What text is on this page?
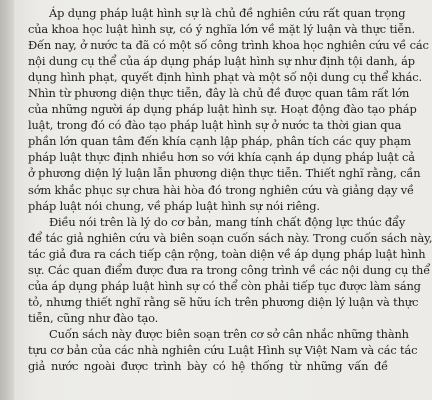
Áp dụng pháp luật hình sự là chủ đề nghiên cứu rất quan trọng
của khoa học luật hình sự, có ý nghĩa lớn về mặt lý luận và thực tiễn.
Đến nay, ở nước ta đã có một số công trình khoa học nghiên cứu về các
nội dung cụ thể của áp dụng pháp luật hình sự như định tội danh, áp
dụng hình phạt, quyết định hình phạt và một số nội dung cụ thể khác.
Nhìn từ phương diện thực tiễn, đây là chủ đề được quan tâm rất lớn
của những người áp dụng pháp luật hình sự. Hoạt động đào tạo pháp
luật, trong đó có đào tạo pháp luật hình sự ở nước ta thời gian qua
phần lớn quan tâm đến khía cạnh lập pháp, phân tích các quy phạm
pháp luật thực định nhiều hơn so với khía cạnh áp dụng pháp luật cả
ở phương diện lý luận lẫn phương diện thực tiễn. Thiết nghĩ rằng, cần
sớm khắc phục sự chưa hài hòa đó trong nghiên cứu và giảng dạy về
pháp luật nói chung, về pháp luật hình sự nói riêng.
Điều nói trên là lý do cơ bản, mang tính chất động lực thúc đẩy
để tác giả nghiên cứu và biên soạn cuốn sách này. Trong cuốn sách này,
tác giả đưa ra cách tiếp cận rộng, toàn diện về áp dụng pháp luật hình
sự. Các quan điểm được đưa ra trong công trình về các nội dung cụ thể
của áp dụng pháp luật hình sự có thể còn phải tiếp tục được làm sáng
tỏ, nhưng thiết nghĩ rằng sẽ hữu ích trên phương diện lý luận và thực
tiễn, cũng như đào tạo.
Cuốn sách này được biên soạn trên cơ sở cân nhắc những thành
tựu cơ bản của các nhà nghiên cứu Luật Hình sự Việt Nam và các tác
giả nước ngoài được trình bày có hệ thống từ những vấn đề
